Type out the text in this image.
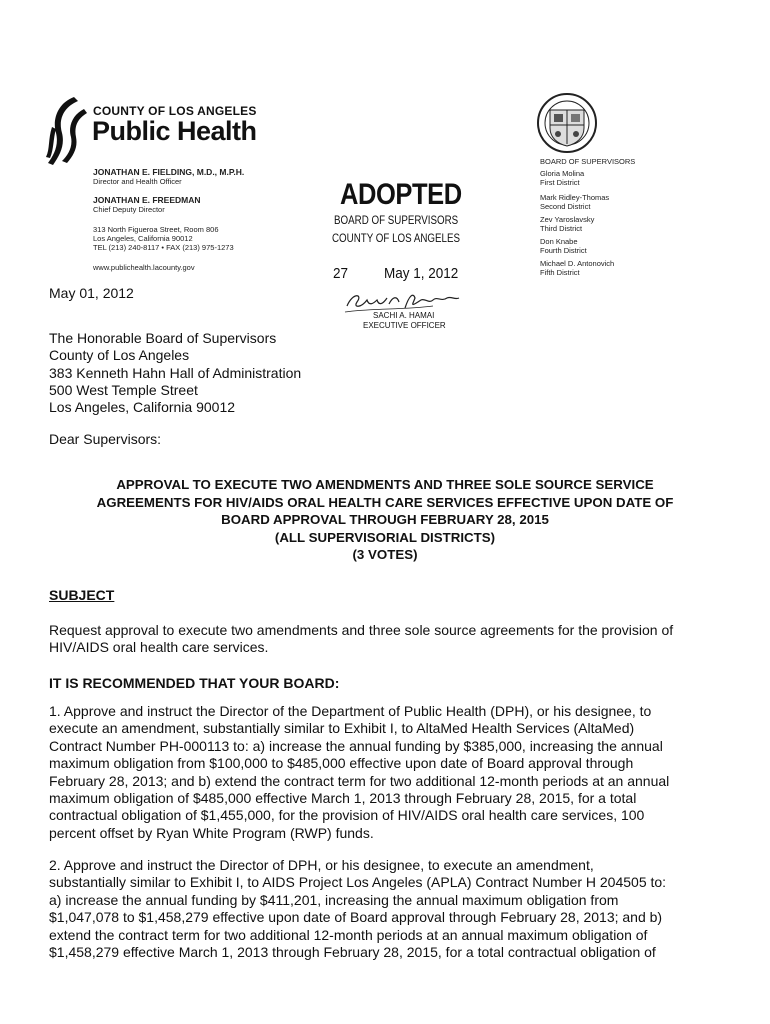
COUNTY OF LOS ANGELES
Public Health
JONATHAN E. FIELDING, M.D., M.P.H.
Director and Health Officer
JONATHAN E. FREEDMAN
Chief Deputy Director
313 North Figueroa Street, Room 806
Los Angeles, California 90012
TEL (213) 240-8117 • FAX (213) 975-1273
www.publichealth.lacounty.gov
ADOPTED
BOARD OF SUPERVISORS
COUNTY OF LOS ANGELES
27 May 1, 2012
SACHI A. HAMAI
EXECUTIVE OFFICER
BOARD OF SUPERVISORS
Gloria Molina
First District
Mark Ridley-Thomas
Second District
Zev Yaroslavsky
Third District
Don Knabe
Fourth District
Michael D. Antonovich
Fifth District
May 01, 2012
The Honorable Board of Supervisors
County of Los Angeles
383 Kenneth Hahn Hall of Administration
500 West Temple Street
Los Angeles, California 90012
Dear Supervisors:
APPROVAL TO EXECUTE TWO AMENDMENTS AND THREE SOLE SOURCE SERVICE
AGREEMENTS FOR HIV/AIDS ORAL HEALTH CARE SERVICES EFFECTIVE UPON DATE OF
BOARD APPROVAL THROUGH FEBRUARY 28, 2015
(ALL SUPERVISORIAL DISTRICTS)
(3 VOTES)
SUBJECT
Request approval to execute two amendments and three sole source agreements for the provision of
HIV/AIDS oral health care services.
IT IS RECOMMENDED THAT YOUR BOARD:
1. Approve and instruct the Director of the Department of Public Health (DPH), or his designee, to
execute an amendment, substantially similar to Exhibit I, to AltaMed Health Services (AltaMed)
Contract Number PH-000113 to: a) increase the annual funding by $385,000, increasing the annual
maximum obligation from $100,000 to $485,000 effective upon date of Board approval through
February 28, 2013; and b) extend the contract term for two additional 12-month periods at an annual
maximum obligation of $485,000 effective March 1, 2013 through February 28, 2015, for a total
contractual obligation of $1,455,000, for the provision of HIV/AIDS oral health care services, 100
percent offset by Ryan White Program (RWP) funds.
2. Approve and instruct the Director of DPH, or his designee, to execute an amendment,
substantially similar to Exhibit I, to AIDS Project Los Angeles (APLA) Contract Number H 204505 to:
a) increase the annual funding by $411,201, increasing the annual maximum obligation from
$1,047,078 to $1,458,279 effective upon date of Board approval through February 28, 2013; and b)
extend the contract term for two additional 12-month periods at an annual maximum obligation of
$1,458,279 effective March 1, 2013 through February 28, 2015, for a total contractual obligation of
